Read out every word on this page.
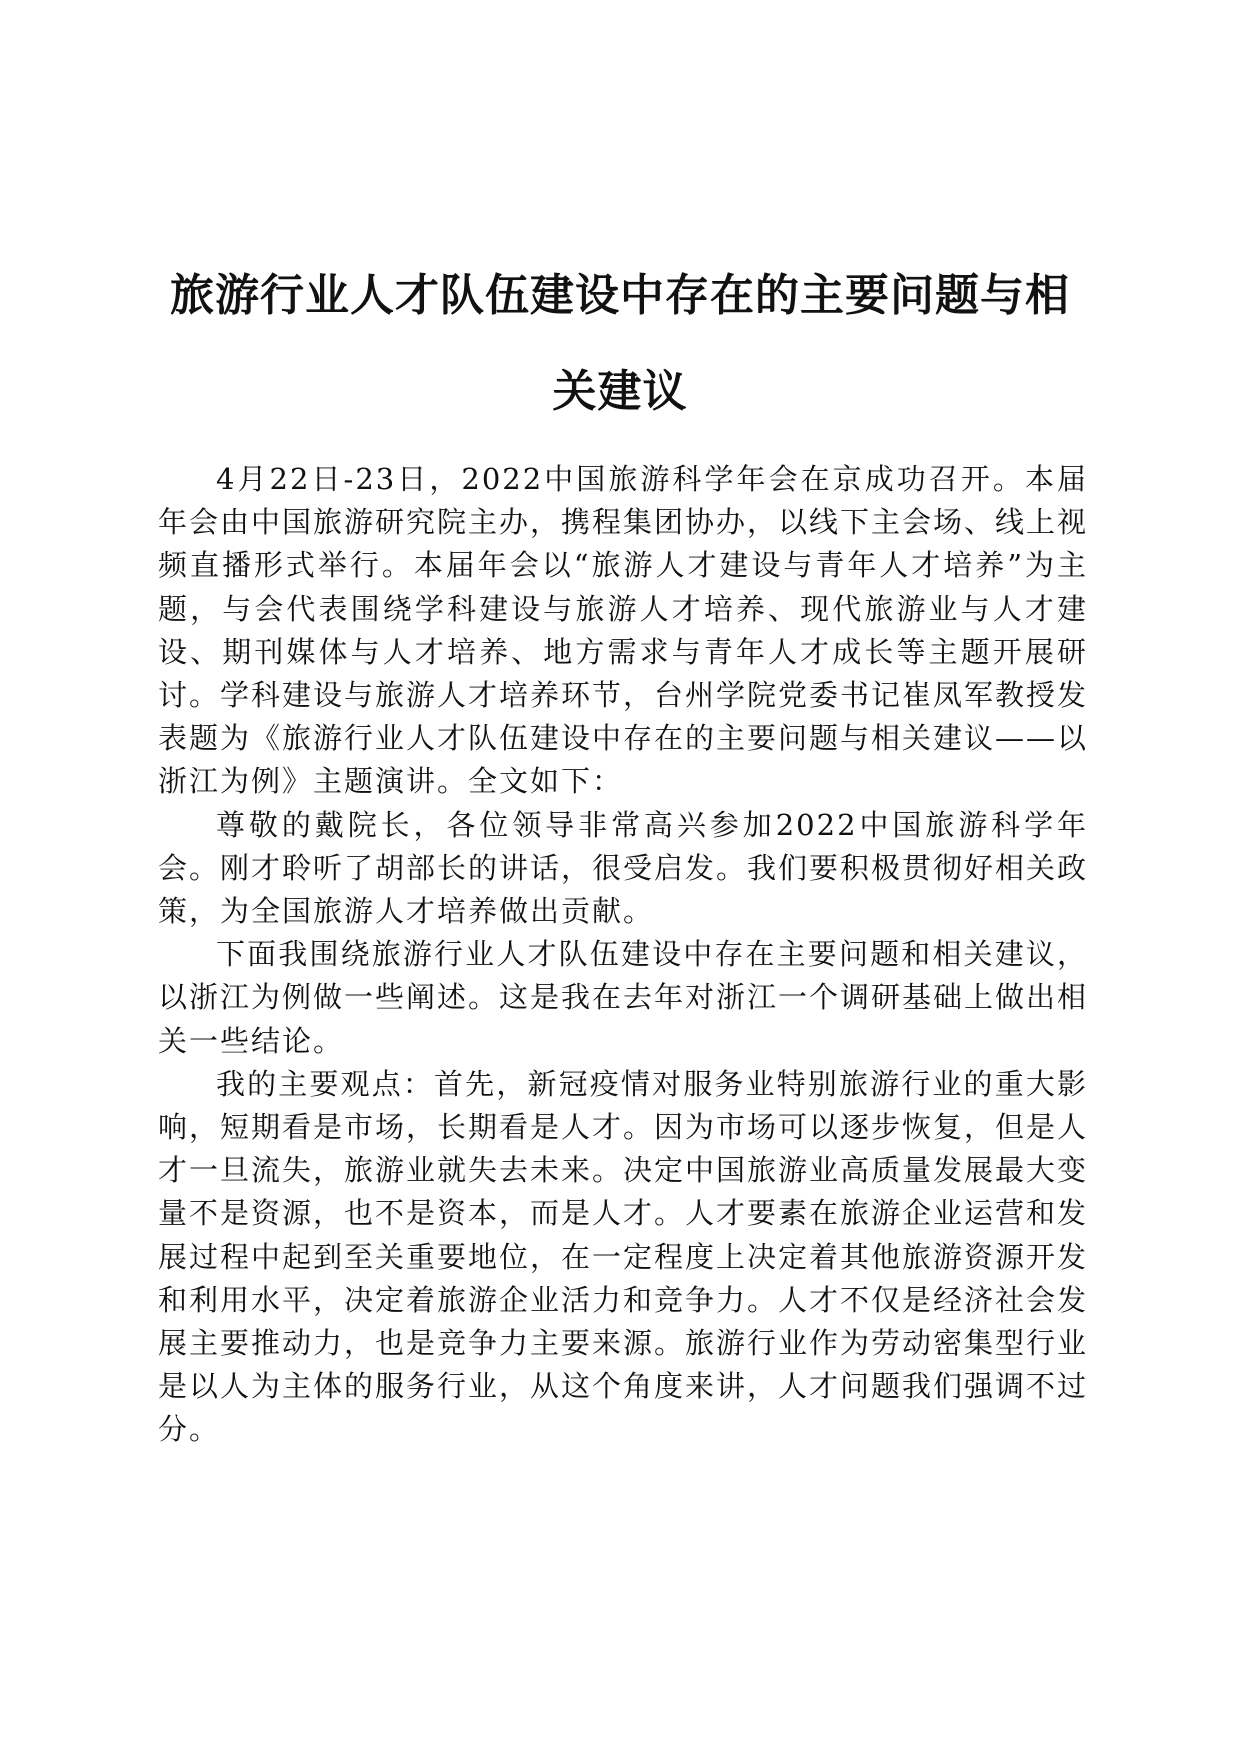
旅游行业人才队伍建设中存在的主要问题与相关建议

4月22日-23日，2022中国旅游科学年会在京成功召开。本届年会由中国旅游研究院主办，携程集团协办，以线下主会场、线上视频直播形式举行。本届年会以“旅游人才建设与青年人才培养”为主题，与会代表围绕学科建设与旅游人才培养、现代旅游业与人才建设、期刊媒体与人才培养、地方需求与青年人才成长等主题开展研讨。学科建设与旅游人才培养环节，台州学院党委书记崔凤军教授发表题为《旅游行业人才队伍建设中存在的主要问题与相关建议——以浙江为例》主题演讲。全文如下：

尊敬的戴院长，各位领导非常高兴参加2022中国旅游科学年会。刚才聆听了胡部长的讲话，很受启发。我们要积极贯彻好相关政策，为全国旅游人才培养做出贡献。

下面我围绕旅游行业人才队伍建设中存在主要问题和相关建议，以浙江为例做一些阐述。这是我在去年对浙江一个调研基础上做出相关一些结论。

我的主要观点：首先，新冠疫情对服务业特别旅游行业的重大影响，短期看是市场，长期看是人才。因为市场可以逐步恢复，但是人才一旦流失，旅游业就失去未来。决定中国旅游业高质量发展最大变量不是资源，也不是资本，而是人才。人才要素在旅游企业运营和发展过程中起到至关重要地位，在一定程度上决定着其他旅游资源开发和利用水平，决定着旅游企业活力和竞争力。人才不仅是经济社会发展主要推动力，也是竞争力主要来源。旅游行业作为劳动密集型行业是以人为主体的服务行业，从这个角度来讲，人才问题我们强调不过分。
